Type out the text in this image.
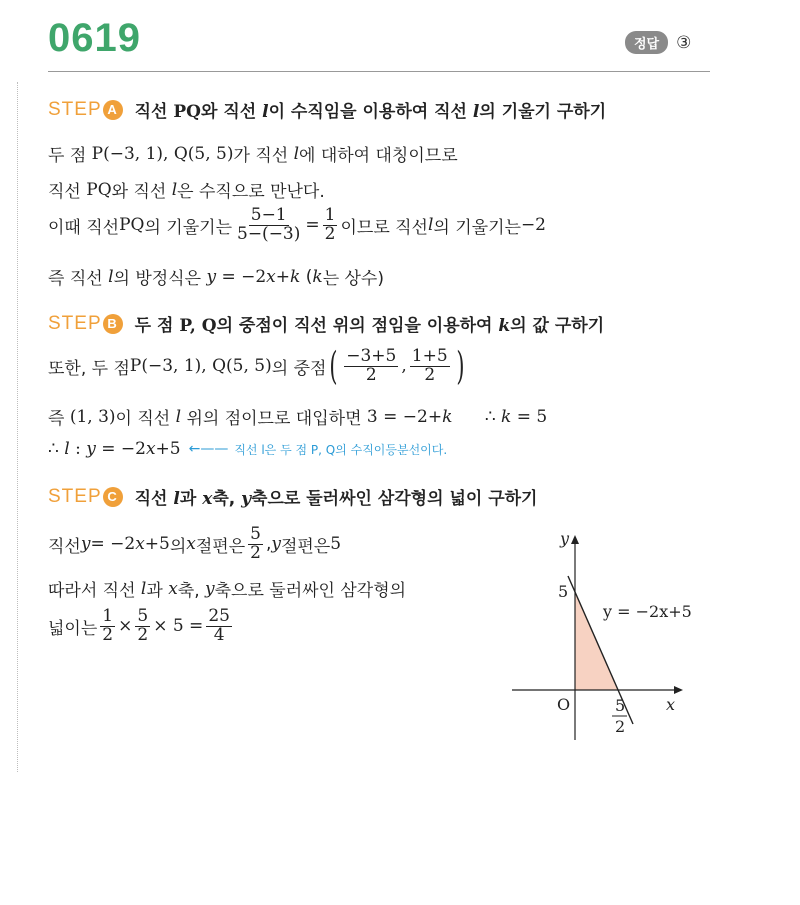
0619	정답	③
STEP A 직선 PQ와 직선 l이 수직임을 이용하여 직선 l의 기울기 구하기
두 점 P(−3, 1), Q(5, 5) 가 직선 l 에 대하여 대칭이므로
직선 PQ 와 직선 l 은 수직으로 만난다.
이때 직선 PQ 의 기울기는 $\frac{5-1}{5-(-3)} = \frac{1}{2}$ 이므로 직선 l 의 기울기는 −2
즉 직선 l 의 방정식은 y = −2 x + k ( k 는 상수)
STEP B 두 점 P, Q의 중점이 직선 위의 점임을 이용하여 k의 값 구하기
또한, 두 점 P(−3, 1), Q(5, 5) 의 중점 ( $\frac{-3+5}{2}$ , $\frac{1+5}{2}$ )
즉 (1, 3) 이 직선 l 위의 점이므로 대입하면 3 = −2+ k ∴ k = 5
∴ l : y = −2x+5 ←—— 직선 l은 두 점 P, Q의 수직이등분선이다.
STEP C 직선 l과 x축, y축으로 둘러싸인 삼각형의 넓이 구하기
직선 y = −2 x +5 의 x 절편은 $\frac{5}{2}$ , y 절편은 5
따라서 직선 l 과 x 축, y 축으로 둘러싸인 삼각형의
넓이는 $\frac{1}{2} \times \frac{5}{2} \times 5 = \frac{25}{4}$
y
x
O
5
5
2
y = −2x+5
